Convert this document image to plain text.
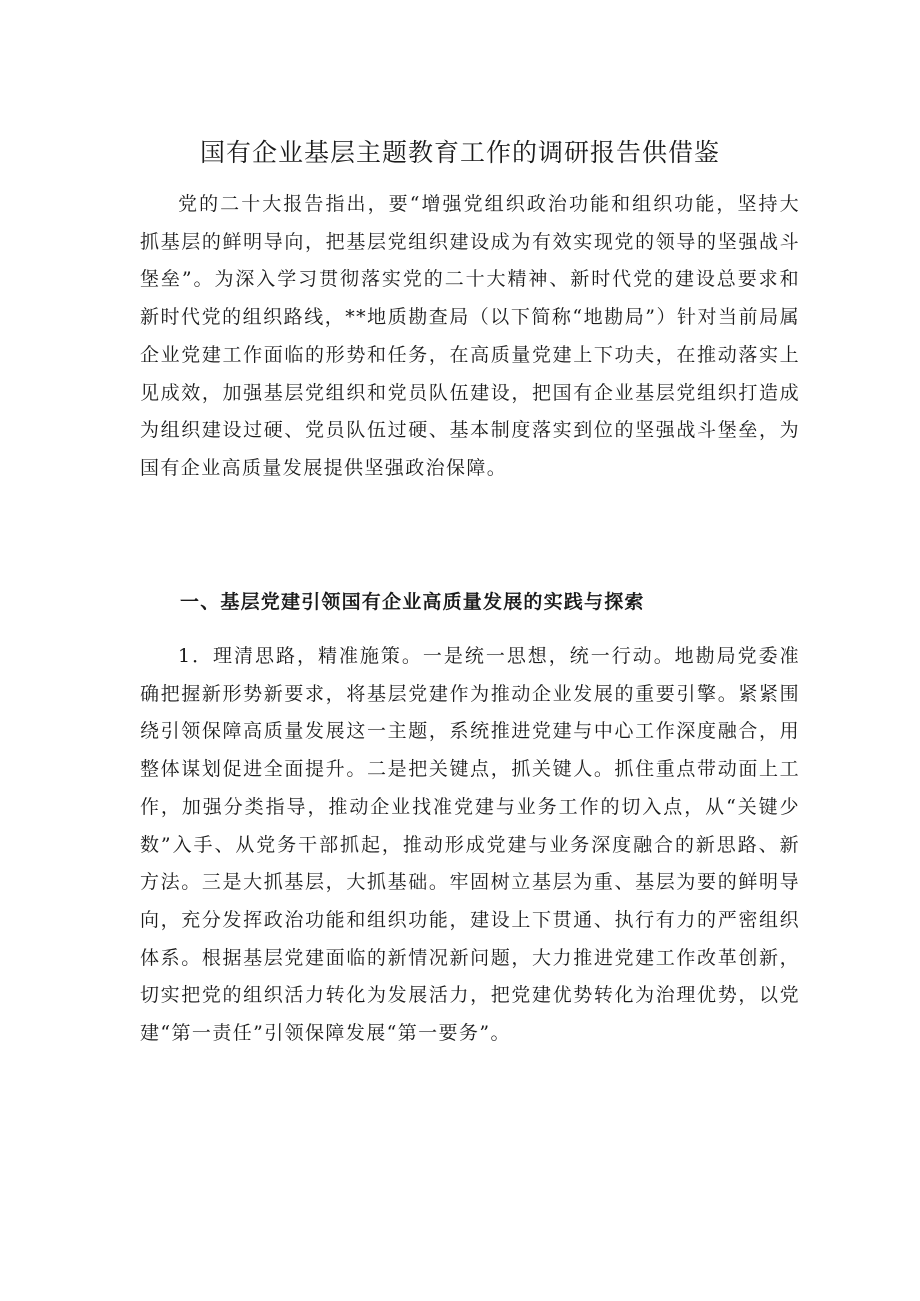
国有企业基层主题教育工作的调研报告供借鉴

党的二十大报告指出，要“增强党组织政治功能和组织功能，坚持大抓基层的鲜明导向，把基层党组织建设成为有效实现党的领导的坚强战斗堡垒”。为深入学习贯彻落实党的二十大精神、新时代党的建设总要求和新时代党的组织路线，**地质勘查局（以下简称“地勘局”）针对当前局属企业党建工作面临的形势和任务，在高质量党建上下功夫，在推动落实上见成效，加强基层党组织和党员队伍建设，把国有企业基层党组织打造成为组织建设过硬、党员队伍过硬、基本制度落实到位的坚强战斗堡垒，为国有企业高质量发展提供坚强政治保障。

一、基层党建引领国有企业高质量发展的实践与探索

1．理清思路，精准施策。一是统一思想，统一行动。地勘局党委准确把握新形势新要求，将基层党建作为推动企业发展的重要引擎。紧紧围绕引领保障高质量发展这一主题，系统推进党建与中心工作深度融合，用整体谋划促进全面提升。二是把关键点，抓关键人。抓住重点带动面上工作，加强分类指导，推动企业找准党建与业务工作的切入点，从“关键少数”入手、从党务干部抓起，推动形成党建与业务深度融合的新思路、新方法。三是大抓基层，大抓基础。牢固树立基层为重、基层为要的鲜明导向，充分发挥政治功能和组织功能，建设上下贯通、执行有力的严密组织体系。根据基层党建面临的新情况新问题，大力推进党建工作改革创新，切实把党的组织活力转化为发展活力，把党建优势转化为治理优势，以党建“第一责任”引领保障发展“第一要务”。
